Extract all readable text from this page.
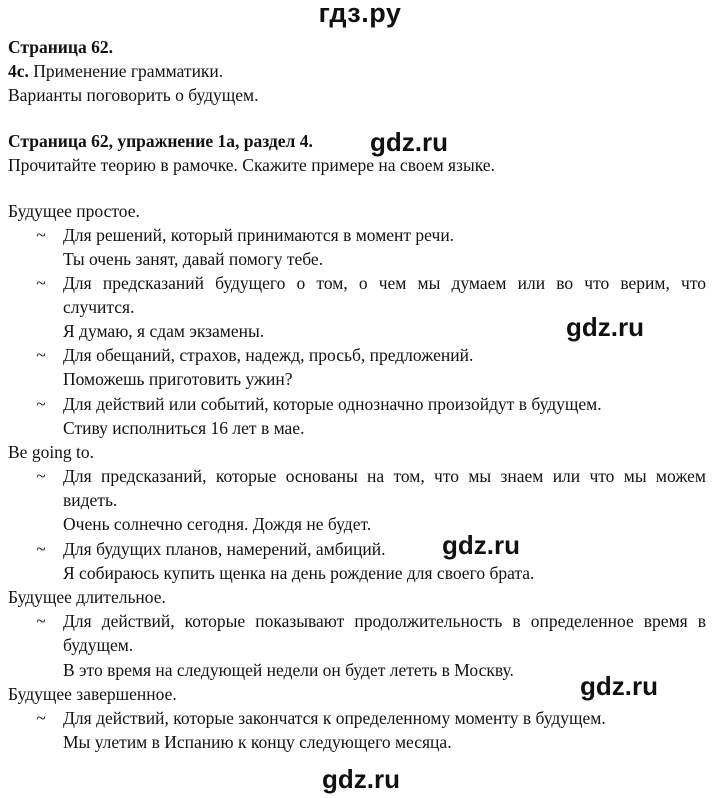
гдз.ру
Страница 62.
4c. Применение грамматики.
Варианты поговорить о будущем.
Страница 62, упражнение 1a, раздел 4.
Прочитайте теорию в рамочке. Скажите примере на своем языке.
gdz.ru
Будущее простое.
~ Для решений, который принимаются в момент речи.
Ты очень занят, давай помогу тебе.
~ Для предсказаний будущего о том, о чем мы думаем или во что верим, что
случится.
Я думаю, я сдам экзамены.	gdz.ru
~ Для обещаний, страхов, надежд, просьб, предложений.
Поможешь приготовить ужин?
~ Для действий или событий, которые однозначно произойдут в будущем.
Стиву исполниться 16 лет в мае.
Be going to.
~ Для предсказаний, которые основаны на том, что мы знаем или что мы можем
видеть.
Очень солнечно сегодня. Дождя не будет.
~ Для будущих планов, намерений, амбиций. gdz.ru
Я собираюсь купить щенка на день рождение для своего брата.
Будущее длительное.
~ Для действий, которые показывают продолжительность в определенное время в
будущем.
В это время на следующей недели он будет лететь в Москву.
Будущее завершенное.	gdz.ru
~ Для действий, которые закончатся к определенному моменту в будущем.
Мы улетим в Испанию к концу следующего месяца.
gdz.ru
